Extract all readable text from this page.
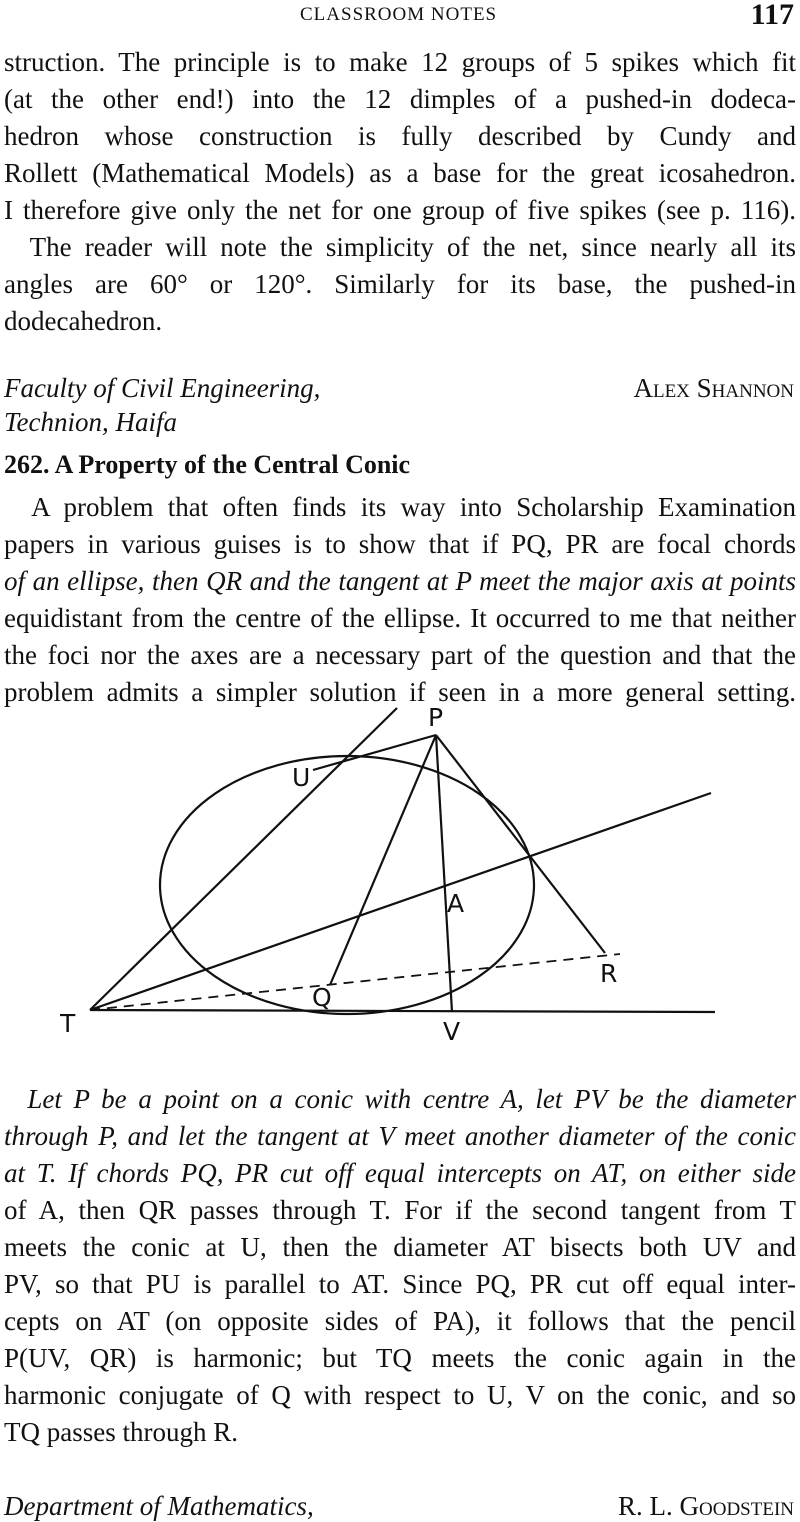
CLASSROOM NOTES	117
struction. The principle is to make 12 groups of 5 spikes which fit
(at the other end!) into the 12 dimples of a pushed-in dodeca-
hedron whose construction is fully described by Cundy and
Rollett (Mathematical Models) as a base for the great icosahedron.
I therefore give only the net for one group of five spikes (see p. 116).
The reader will note the simplicity of the net, since nearly all its
angles are 60° or 120°. Similarly for its base, the pushed-in
dodecahedron.
Faculty of Civil Engineering,
Technion, Haifa
Alex Shannon
262. A Property of the Central Conic
A problem that often finds its way into Scholarship Examination
papers in various guises is to show that if PQ, PR are focal chords
of an ellipse, then QR and the tangent at P meet the major axis at points
equidistant from the centre of the ellipse. It occurred to me that neither
the foci nor the axes are a necessary part of the question and that the
problem admits a simpler solution if seen in a more general setting.
P
U
A
R
Q
T	V
Let P be a point on a conic with centre A, let PV be the diameter
through P, and let the tangent at V meet another diameter of the conic
at T. If chords PQ, PR cut off equal intercepts on AT, on either side
of A, then QR passes through T. For if the second tangent from T
meets the conic at U, then the diameter AT bisects both UV and
PV, so that PU is parallel to AT. Since PQ, PR cut off equal inter-
cepts on AT (on opposite sides of PA), it follows that the pencil
P(UV, QR) is harmonic; but TQ meets the conic again in the
harmonic conjugate of Q with respect to U, V on the conic, and so
TQ passes through R.
Department of Mathematics,	R. L. Goodstein
